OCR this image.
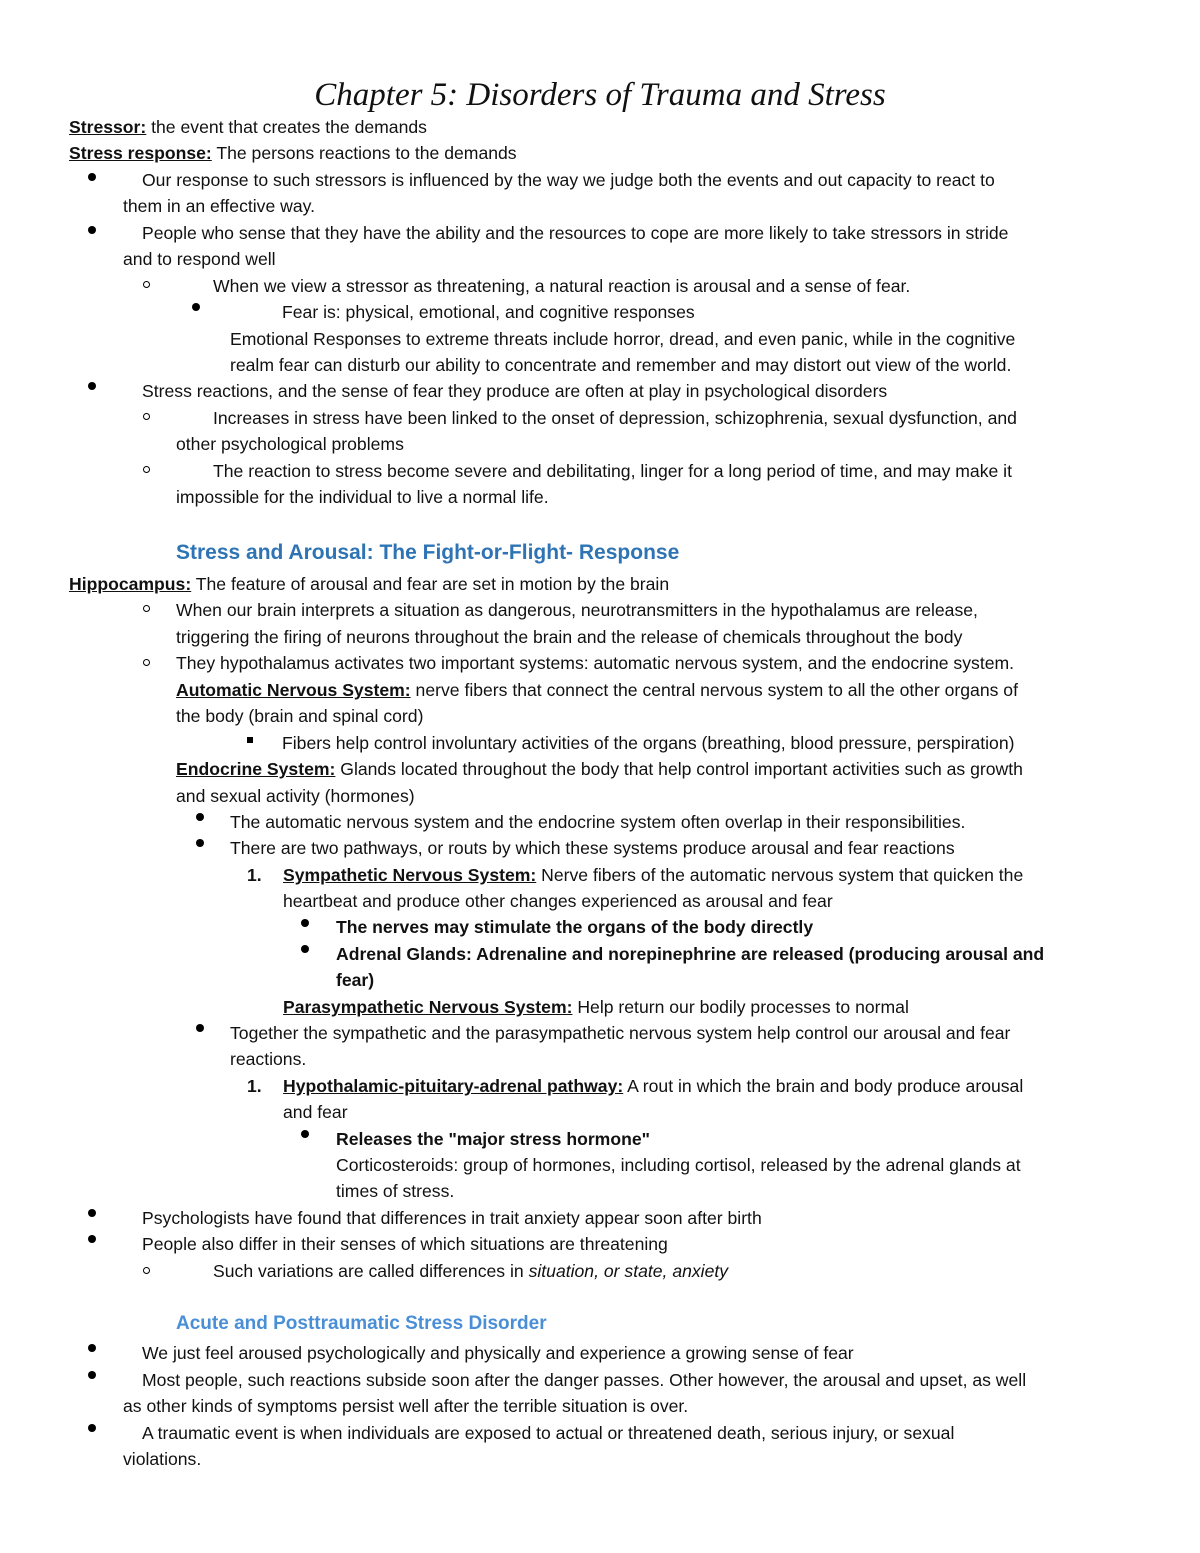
Chapter 5: Disorders of Trauma and Stress
Stressor: the event that creates the demands
Stress response: The persons reactions to the demands
Our response to such stressors is influenced by the way we judge both the events and out capacity to react to
them in an effective way.
People who sense that they have the ability and the resources to cope are more likely to take stressors in stride
and to respond well
When we view a stressor as threatening, a natural reaction is arousal and a sense of fear.
Fear is: physical, emotional, and cognitive responses
Emotional Responses to extreme threats include horror, dread, and even panic, while in the cognitive
realm fear can disturb our ability to concentrate and remember and may distort out view of the world.
Stress reactions, and the sense of fear they produce are often at play in psychological disorders
Increases in stress have been linked to the onset of depression, schizophrenia, sexual dysfunction, and
other psychological problems
The reaction to stress become severe and debilitating, linger for a long period of time, and may make it
impossible for the individual to live a normal life.
Stress and Arousal: The Fight-or-Flight- Response
Hippocampus: The feature of arousal and fear are set in motion by the brain
When our brain interprets a situation as dangerous, neurotransmitters in the hypothalamus are release,
triggering the firing of neurons throughout the brain and the release of chemicals throughout the body
They hypothalamus activates two important systems: automatic nervous system, and the endocrine system.
Automatic Nervous System: nerve fibers that connect the central nervous system to all the other organs of
the body (brain and spinal cord)
Fibers help control involuntary activities of the organs (breathing, blood pressure, perspiration)
Endocrine System: Glands located throughout the body that help control important activities such as growth
and sexual activity (hormones)
The automatic nervous system and the endocrine system often overlap in their responsibilities.
There are two pathways, or routs by which these systems produce arousal and fear reactions
1. Sympathetic Nervous System: Nerve fibers of the automatic nervous system that quicken the
heartbeat and produce other changes experienced as arousal and fear
The nerves may stimulate the organs of the body directly
Adrenal Glands: Adrenaline and norepinephrine are released (producing arousal and
fear)
Parasympathetic Nervous System: Help return our bodily processes to normal
Together the sympathetic and the parasympathetic nervous system help control our arousal and fear
reactions.
1. Hypothalamic-pituitary-adrenal pathway: A rout in which the brain and body produce arousal
and fear
Releases the "major stress hormone"
Corticosteroids: group of hormones, including cortisol, released by the adrenal glands at
times of stress.
Psychologists have found that differences in trait anxiety appear soon after birth
People also differ in their senses of which situations are threatening
Such variations are called differences in situation, or state, anxiety
Acute and Posttraumatic Stress Disorder
We just feel aroused psychologically and physically and experience a growing sense of fear
Most people, such reactions subside soon after the danger passes. Other however, the arousal and upset, as well
as other kinds of symptoms persist well after the terrible situation is over.
A traumatic event is when individuals are exposed to actual or threatened death, serious injury, or sexual
violations.
